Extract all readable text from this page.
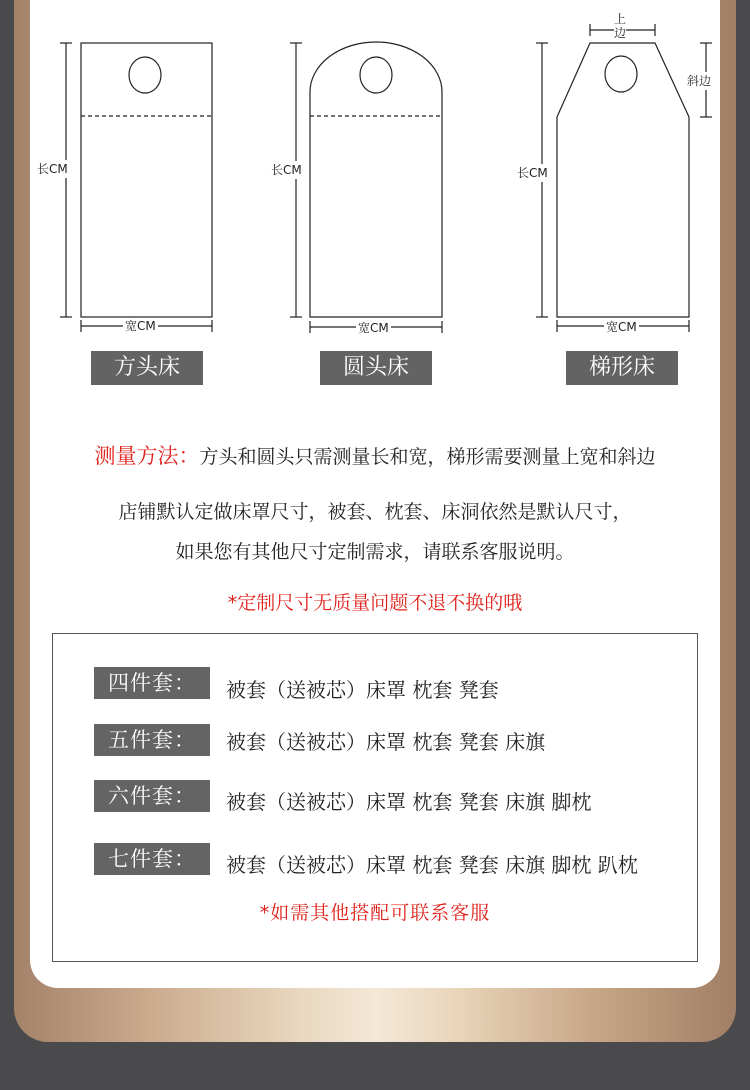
长CM
宽CM
长CM
宽CM
长CM
宽CM
上
边
斜边
方头床	圆头床	梯形床
测量方法：方头和圆头只需测量长和宽，梯形需要测量上宽和斜边
店铺默认定做床罩尺寸，被套、枕套、床洞依然是默认尺寸，
如果您有其他尺寸定制需求，请联系客服说明。
*定制尺寸无质量问题不退不换的哦
四件套：	被套（送被芯）床罩 枕套 凳套
五件套：	被套（送被芯）床罩 枕套 凳套 床旗
六件套：	被套（送被芯）床罩 枕套 凳套 床旗 脚枕
七件套：	被套（送被芯）床罩 枕套 凳套 床旗 脚枕 趴枕
*如需其他搭配可联系客服
